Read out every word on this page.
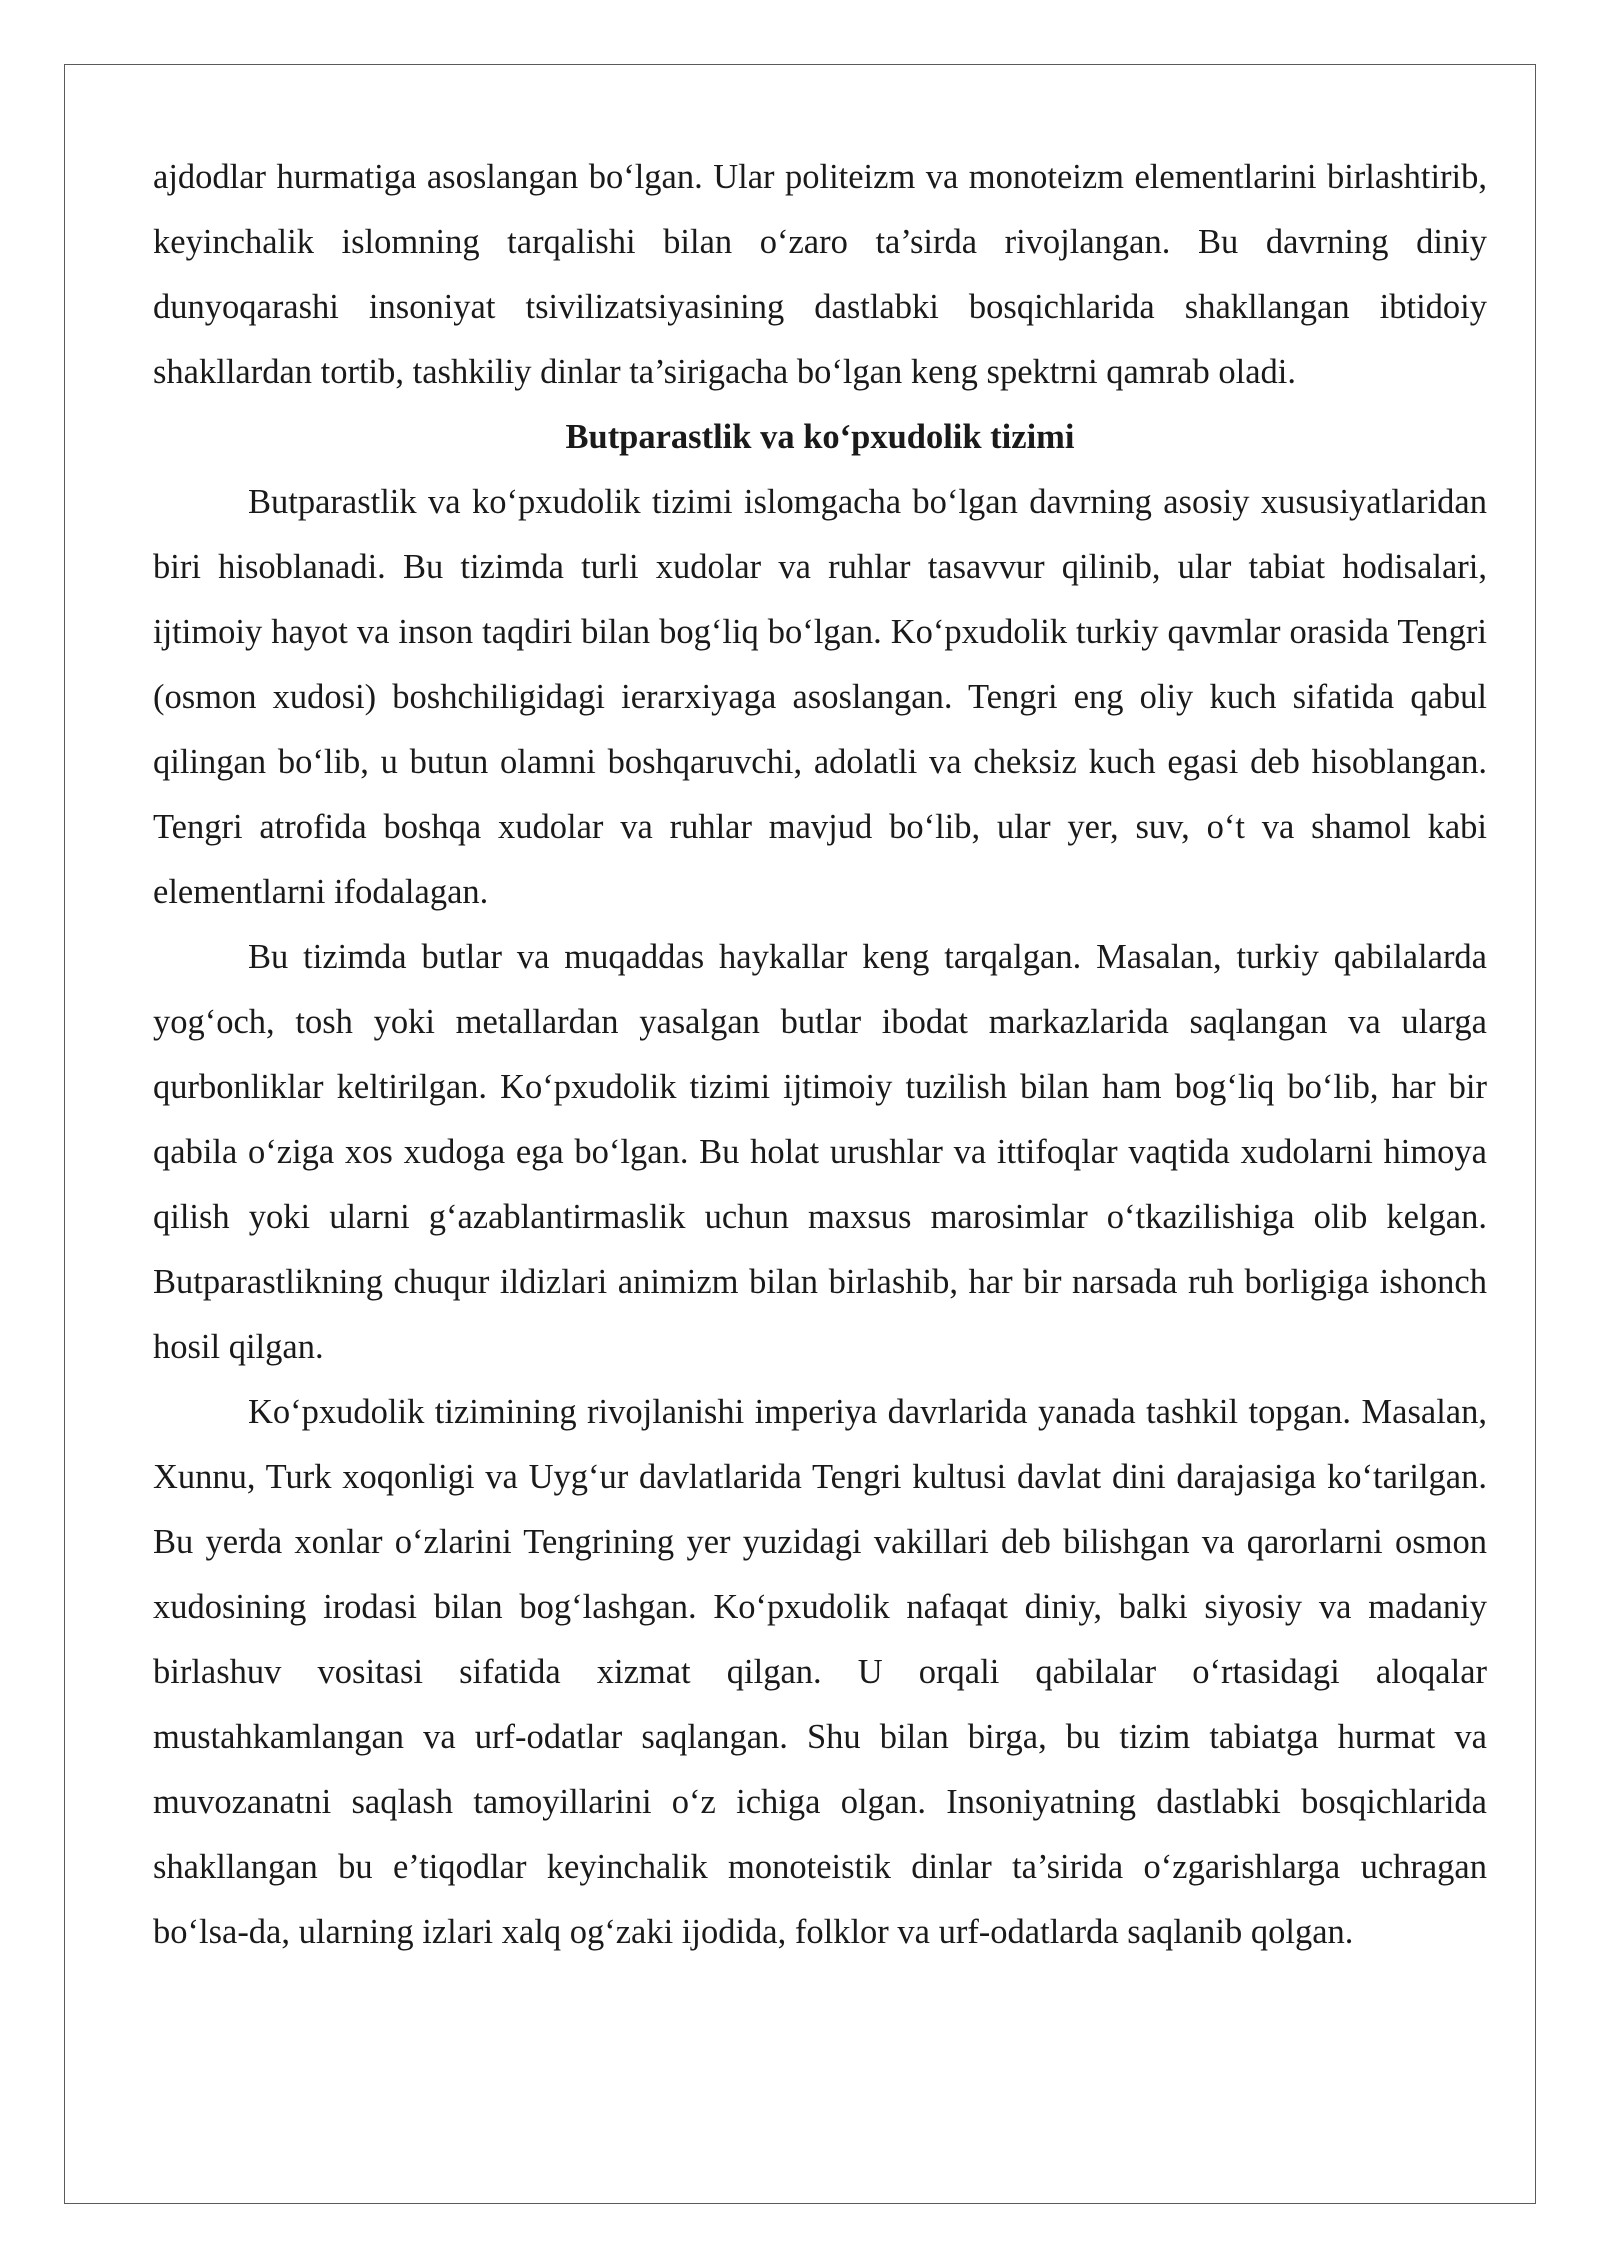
ajdodlar hurmatiga asoslangan bo‘lgan. Ular politeizm va monoteizm elementlarini birlashtirib, keyinchalik islomning tarqalishi bilan o‘zaro ta’sirda rivojlangan. Bu davrning diniy dunyoqarashi insoniyat tsivilizatsiyasining dastlabki bosqichlarida shakllangan ibtidoiy shakllardan tortib, tashkiliy dinlar ta’sirigacha bo‘lgan keng spektrni qamrab oladi.

Butparastlik va ko‘pxudolik tizimi

Butparastlik va ko‘pxudolik tizimi islomgacha bo‘lgan davrning asosiy xususiyatlaridan biri hisoblanadi. Bu tizimda turli xudolar va ruhlar tasavvur qilinib, ular tabiat hodisalari, ijtimoiy hayot va inson taqdiri bilan bog‘liq bo‘lgan. Ko‘pxudolik turkiy qavmlar orasida Tengri (osmon xudosi) boshchiligidagi ierarxiyaga asoslangan. Tengri eng oliy kuch sifatida qabul qilingan bo‘lib, u butun olamni boshqaruvchi, adolatli va cheksiz kuch egasi deb hisoblangan. Tengri atrofida boshqa xudolar va ruhlar mavjud bo‘lib, ular yer, suv, o‘t va shamol kabi elementlarni ifodalagan.

Bu tizimda butlar va muqaddas haykallar keng tarqalgan. Masalan, turkiy qabilalarda yog‘och, tosh yoki metallardan yasalgan butlar ibodat markazlarida saqlangan va ularga qurbonliklar keltirilgan. Ko‘pxudolik tizimi ijtimoiy tuzilish bilan ham bog‘liq bo‘lib, har bir qabila o‘ziga xos xudoga ega bo‘lgan. Bu holat urushlar va ittifoqlar vaqtida xudolarni himoya qilish yoki ularni g‘azablantirmaslik uchun maxsus marosimlar o‘tkazilishiga olib kelgan. Butparastlikning chuqur ildizlari animizm bilan birlashib, har bir narsada ruh borligiga ishonch hosil qilgan.

Ko‘pxudolik tizimining rivojlanishi imperiya davrlarida yanada tashkil topgan. Masalan, Xunnu, Turk xoqonligi va Uyg‘ur davlatlarida Tengri kultusi davlat dini darajasiga ko‘tarilgan. Bu yerda xonlar o‘zlarini Tengrining yer yuzidagi vakillari deb bilishgan va qarorlarni osmon xudosining irodasi bilan bog‘lashgan. Ko‘pxudolik nafaqat diniy, balki siyosiy va madaniy birlashuv vositasi sifatida xizmat qilgan. U orqali qabilalar o‘rtasidagi aloqalar mustahkamlangan va urf-odatlar saqlangan. Shu bilan birga, bu tizim tabiatga hurmat va muvozanatni saqlash tamoyillarini o‘z ichiga olgan. Insoniyatning dastlabki bosqichlarida shakllangan bu e’tiqodlar keyinchalik monoteistik dinlar ta’sirida o‘zgarishlarga uchragan bo‘lsa-da, ularning izlari xalq og‘zaki ijodida, folklor va urf-odatlarda saqlanib qolgan.
